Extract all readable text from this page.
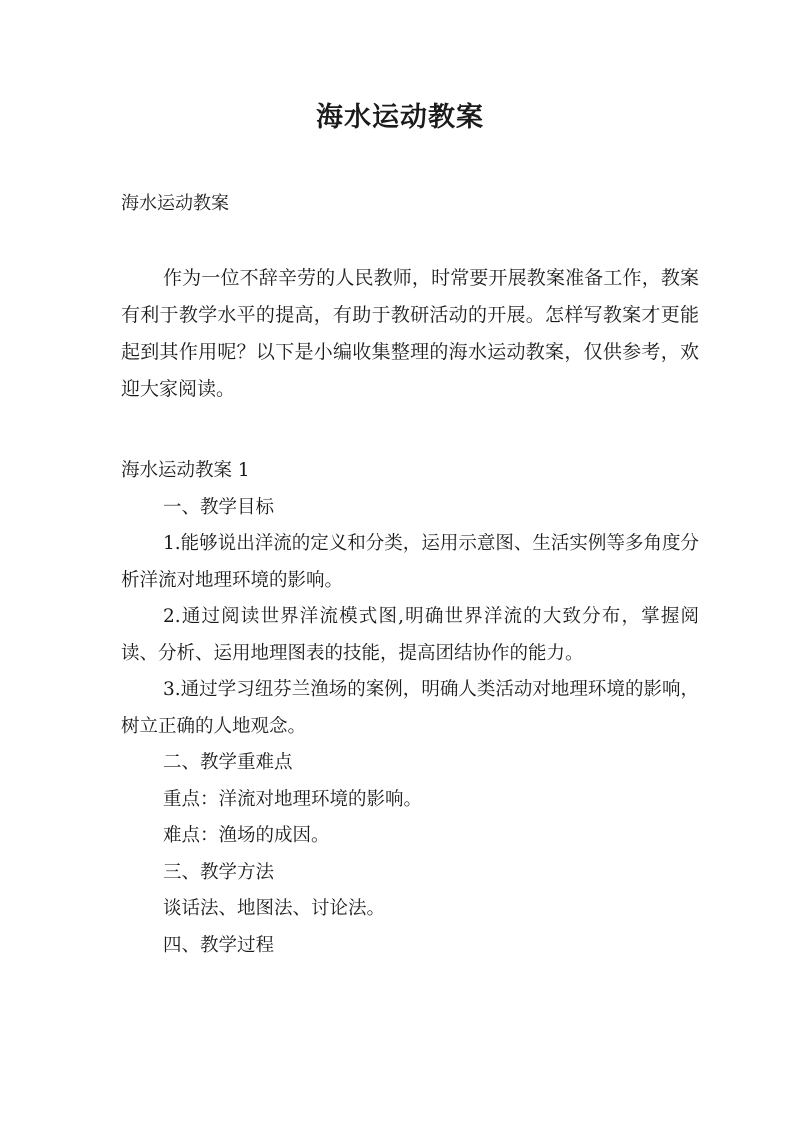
海水运动教案

海水运动教案

作为一位不辞辛劳的人民教师，时常要开展教案准备工作，教案有利于教学水平的提高，有助于教研活动的开展。怎样写教案才更能起到其作用呢？以下是小编收集整理的海水运动教案，仅供参考，欢迎大家阅读。

海水运动教案 1

一、教学目标

1.能够说出洋流的定义和分类，运用示意图、生活实例等多角度分析洋流对地理环境的影响。

2.通过阅读世界洋流模式图,明确世界洋流的大致分布，掌握阅读、分析、运用地理图表的技能，提高团结协作的能力。

3.通过学习纽芬兰渔场的案例，明确人类活动对地理环境的影响，树立正确的人地观念。

二、教学重难点

重点：洋流对地理环境的影响。

难点：渔场的成因。

三、教学方法

谈话法、地图法、讨论法。

四、教学过程
